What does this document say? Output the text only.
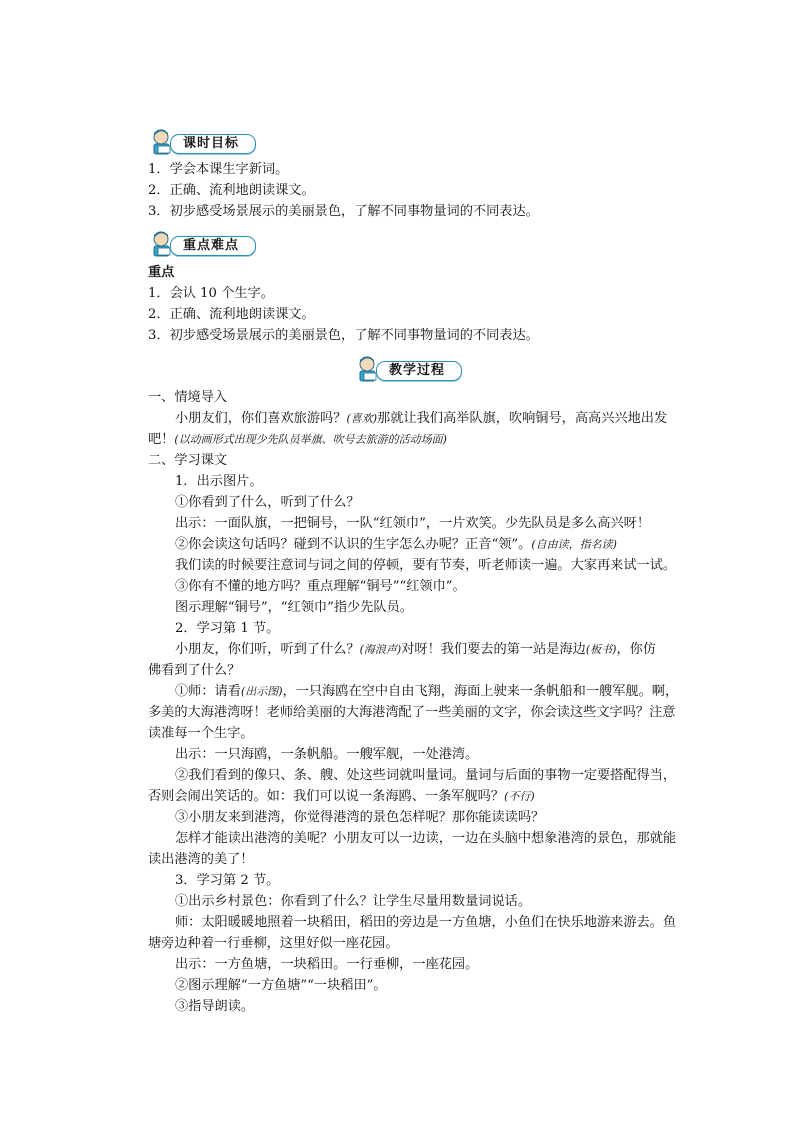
课时目标
1．学会本课生字新词。
2．正确、流利地朗读课文。
3．初步感受场景展示的美丽景色，了解不同事物量词的不同表达。
重点难点
重点
1．会认 10 个生字。
2．正确、流利地朗读课文。
3．初步感受场景展示的美丽景色，了解不同事物量词的不同表达。
教学过程
一、情境导入
小朋友们，你们喜欢旅游吗？(喜欢)那就让我们高举队旗，吹响铜号，高高兴兴地出发
吧！(以动画形式出现少先队员举旗、吹号去旅游的活动场面)
二、学习课文
1．出示图片。
①你看到了什么，听到了什么？
出示：一面队旗，一把铜号，一队“红领巾”，一片欢笑。少先队员是多么高兴呀！
②你会读这句话吗？碰到不认识的生字怎么办呢？正音“领”。(自由读，指名读)
我们读的时候要注意词与词之间的停顿，要有节奏，听老师读一遍。大家再来试一试。
③你有不懂的地方吗？重点理解“铜号”“红领巾”。
图示理解“铜号”，“红领巾”指少先队员。
2．学习第 1 节。
小朋友，你们听，听到了什么？(海浪声)对呀！我们要去的第一站是海边(板书)，你仿
佛看到了什么？
①师：请看(出示图)，一只海鸥在空中自由飞翔，海面上驶来一条帆船和一艘军舰。啊，
多美的大海港湾呀！老师给美丽的大海港湾配了一些美丽的文字，你会读这些文字吗？注意
读准每一个生字。
出示：一只海鸥，一条帆船。一艘军舰，一处港湾。
②我们看到的像只、条、艘、处这些词就叫量词。量词与后面的事物一定要搭配得当，
否则会闹出笑话的。如：我们可以说一条海鸥、一条军舰吗？(不行)
③小朋友来到港湾，你觉得港湾的景色怎样呢？那你能读读吗？
怎样才能读出港湾的美呢？小朋友可以一边读，一边在头脑中想象港湾的景色，那就能
读出港湾的美了！
3．学习第 2 节。
①出示乡村景色：你看到了什么？让学生尽量用数量词说话。
师：太阳暖暖地照着一块稻田，稻田的旁边是一方鱼塘，小鱼们在快乐地游来游去。鱼
塘旁边种着一行垂柳，这里好似一座花园。
出示：一方鱼塘，一块稻田。一行垂柳，一座花园。
②图示理解“一方鱼塘”“一块稻田”。
③指导朗读。
